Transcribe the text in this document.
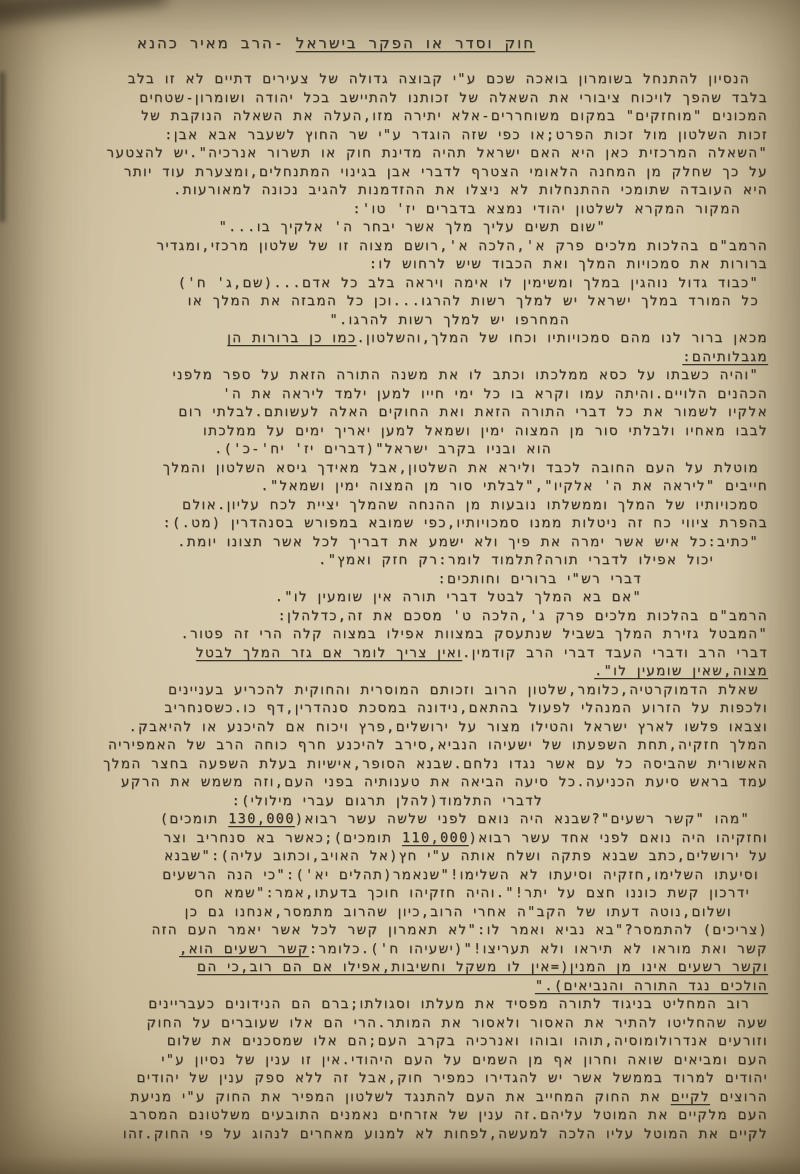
חוק וסדר או הפקר בישראל -הרב מאיר כהנא
הנסיון להתנחל בשומרון בואכה שכם ע"י קבוצה גדולה של צעירים דתיים לא זו בלב
בלבד שהפך לויכוח ציבורי את השאלה של זכותנו להתיישב בכל יהודה ושומרון-שטחים
המכונים "מוחזקים" במקום משוחררים-אלא יתירה מזו,העלה את השאלה הנוקבת של
זכות השלטון מול זכות הפרט;או כפי שזה הוגדר ע"י שר החוץ לשעבר אבא אבן:
"השאלה המרכזית כאן היא האם ישראל תהיה מדינת חוק או תשרור אנרכיה".יש להצטער
על כך שחלק מן המחנה הלאומי הצטרף לדברי אבן בגינוי המתנחלים,ומצערת עוד יותר
היא העובדה שתומכי ההתנחלות לא ניצלו את ההזדמנות להגיב נכונה למאורעות.
המקור המקרא לשלטון יהודי נמצא בדברים יז' טו':
"שום תשים עליך מלך אשר יבחר ה' אלקיך בו..."
הרמב"ם בהלכות מלכים פרק א',הלכה א',רושם מצוה זו של שלטון מרכזי,ומגדיר
ברורות את סמכויות המלך ואת הכבוד שיש לרחוש לו:
"כבוד גדול נוהגין במלך ומשימין לו אימה ויראה בלב כל אדם...(שם,ג' ח')
כל המורד במלך ישראל יש למלך רשות להרגו...וכן כל המבזה את המלך או
המחרפו יש למלך רשות להרגו."
מכאן ברור לנו מהם סמכויותיו וכחו של המלך,והשלטון.כמו כן ברורות הן
מגבלותיהם:
"והיה כשבתו על כסא ממלכתו וכתב לו את משנה התורה הזאת על ספר מלפני
הכהנים הלויים.והיתה עמו וקרא בו כל ימי חייו למען ילמד ליראה את ה'
אלקיו לשמור את כל דברי התורה הזאת ואת החוקים האלה לעשותם.לבלתי רום
לבבו מאחיו ולבלתי סור מן המצוה ימין ושמאל למען יאריך ימים על ממלכתו
הוא ובניו בקרב ישראל"(דברים יז' יח'-כ').
מוטלת על העם החובה לכבד ולירא את השלטון,אבל מאידך גיסא השלטון והמלך
חייבים "ליראה את ה' אלקיו","לבלתי סור מן המצוה ימין ושמאל".
סמכויותיו של המלך וממשלתו נובעות מן ההנחה שהמלך יציית לכח עליון.אולם
בהפרת ציווי כח זה ניטלות ממנו סמכויותיו,כפי שמובא במפורש בסנהדרין (מט.):
"כתיב:כל איש אשר ימרה את פיך ולא ישמע את דבריך לכל אשר תצונו יומת.
יכול אפילו לדברי תורה?תלמוד לומר:רק חזק ואמץ".
דברי רש"י ברורים וחותכים:
"אם בא המלך לבטל דברי תורה אין שומעין לו".
הרמב"ם בהלכות מלכים פרק ג',הלכה ט' מסכם את זה,כדלהלן:
"המבטל גזירת המלך בשביל שנתעסק במצוות אפילו במצוה קלה הרי זה פטור.
דברי הרב ודברי העבד דברי הרב קודמין.ואין צריך לומר אם גזר המלך לבטל
מצוה,שאין שומעין לו".
שאלת הדמוקרטיה,כלומר,שלטון הרוב וזכותם המוסרית והחוקית להכריע בעניינים
ולכפות על הזרוע המנהלי לפעול בהתאם,נידונה במסכת סנהדרין,דף כו.כשסנחריב
וצבאו פלשו לארץ ישראל והטילו מצור על ירושלים,פרץ ויכוח אם להיכנע או להיאבק.
המלך חזקיה,תחת השפעתו של ישעיהו הנביא,סירב להיכנע חרף כוחה הרב של האמפיריה
האשורית שהביסה כל עם אשר נגדו נלחם.שבנא הסופר,אישיות בעלת השפעה בחצר המלך
עמד בראש סיעת הכניעה.כל סיעה הביאה את טענותיה בפני העם,וזה משמש את הרקע
לדברי התלמוד(להלן תרגום עברי מילולי):
"מהו "קשר רשעים"?שבנא היה נואם לפני שלשה עשר רבוא(130,000 תומכים)
וחזקיהו היה נואם לפני אחד עשר רבוא(110,000 תומכים);כאשר בא סנחריב וצר
על ירושלים,כתב שבנא פתקה ושלח אותה ע"י חץ(אל האויב,וכתוב עליה):"שבנא
וסיעתו השלימו,חזקיה וסיעתו לא השלימו!"שנאמר(תהלים יא'):"כי הנה הרשעים
ידרכון קשת כוננו חצם על יתר!".והיה חזקיהו חוכך בדעתו,אמר:"שמא חס
ושלום,נוטה דעתו של הקב"ה אחרי הרוב,כיון שהרוב מתמסר,אנחנו גם כן
(צריכים) להתמסר?"בא נביא ואמר לו:"לא תאמרון קשר לכל אשר יאמר העם הזה
קשר ואת מוראו לא תיראו ולא תעריצו!"(ישעיהו ח').כלומר:קשר רשעים הוא,
וקשר רשעים אינו מן המנין(=אין לו משקל וחשיבות,אפילו אם הם רוב,כי הם
הולכים נגד התורה והנביאים)."
רוב המחליט בניגוד לתורה מפסיד את מעלתו וסגולתו;ברם הם הנידונים כעבריינים
שעה שהחליטו להתיר את האסור ולאסור את המותר.הרי הם אלו שעוברים על החוק
וזורעים אנדרולומוסיה,תוהו ובוהו ואנרכיה בקרב העם;הם אלו שמסכנים את שלום
העם ומביאים שואה וחרון אף מן השמים על העם היהודי.אין זו ענין של נסיון ע"י
יהודים למרוד בממשל אשר יש להגדירו כמפיר חוק,אבל זה ללא ספק ענין של יהודים
הרוצים לקיים את החוק המחייב את העם להתנגד לשלטון המפיר את החוק ע"י מניעת
העם מלקיים את המוטל עליהם.זה ענין של אזרחים נאמנים התובעים משלטונם המסרב
לקיים את המוטל עליו הלכה למעשה,לפחות לא למנוע מאחרים לנהוג על פי החוק.זהו
